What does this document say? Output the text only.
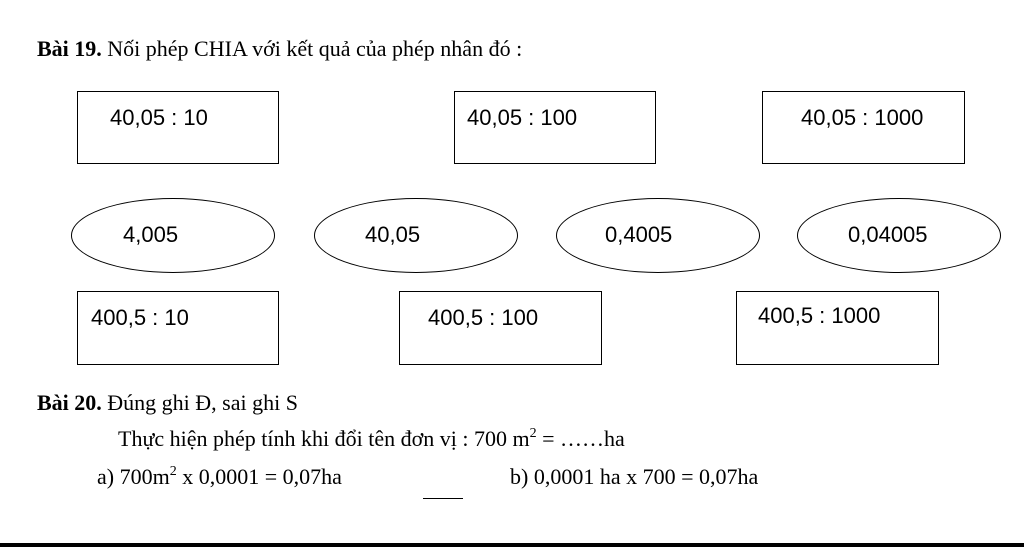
Bài 19. Nối phép CHIA với kết quả của phép nhân đó :
40,05 : 10	40,05 : 100	40,05 : 1000
4,005	40,05	0,4005	0,04005
400,5 : 10	400,5 : 100	400,5 : 1000
Bài 20. Đúng ghi Đ, sai ghi S
Thực hiện phép tính khi đổi tên đơn vị : 700 $m^2$ = ……ha
a) $700m^2$ x 0,0001 = 0,07ha	b) 0,0001 ha x 700 = 0,07ha
